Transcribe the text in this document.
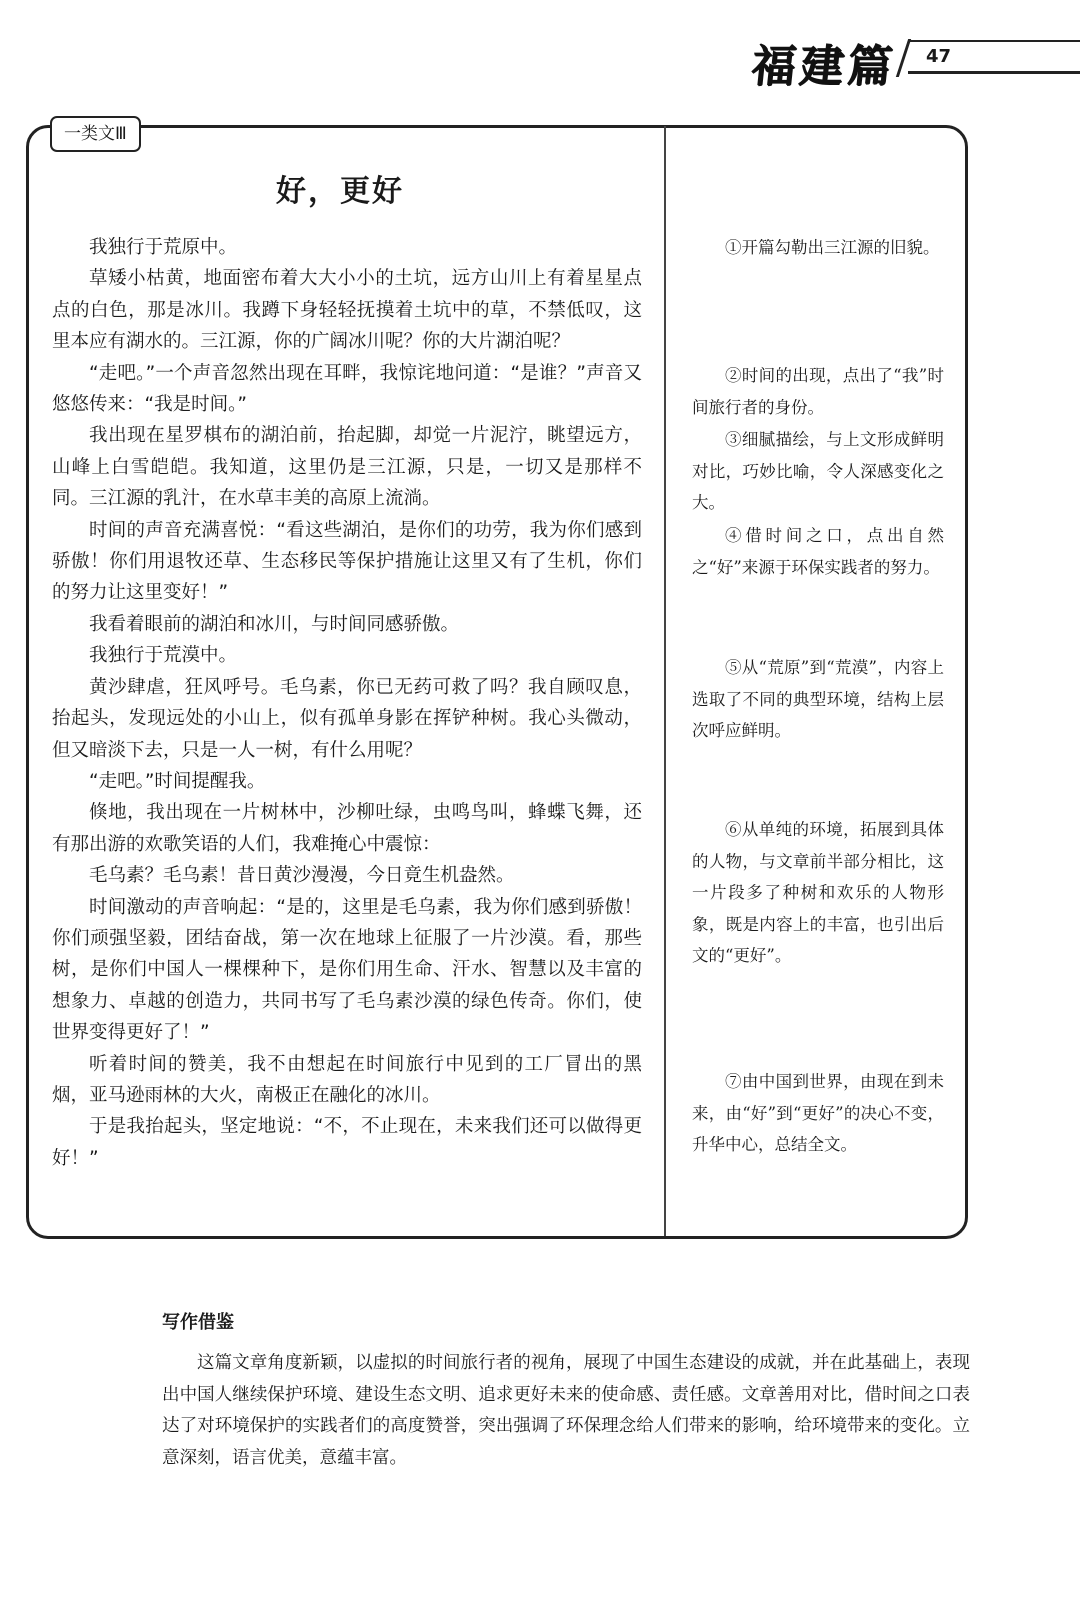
福建篇 47
一类文Ⅲ
好，更好

我独行于荒原中。

草矮小枯黄，地面密布着大大小小的土坑，远方山川上有着星星点点的白色，那是冰川。我蹲下身轻轻抚摸着土坑中的草，不禁低叹，这里本应有湖水的。三江源，你的广阔冰川呢？你的大片湖泊呢？

“走吧。”一个声音忽然出现在耳畔，我惊诧地问道：“是谁？”声音又悠悠传来：“我是时间。”

我出现在星罗棋布的湖泊前，抬起脚，却觉一片泥泞，眺望远方，山峰上白雪皑皑。我知道，这里仍是三江源，只是，一切又是那样不同。三江源的乳汁，在水草丰美的高原上流淌。

时间的声音充满喜悦：“看这些湖泊，是你们的功劳，我为你们感到骄傲！你们用退牧还草、生态移民等保护措施让这里又有了生机，你们的努力让这里变好！”

我看着眼前的湖泊和冰川，与时间同感骄傲。

我独行于荒漠中。

黄沙肆虐，狂风呼号。毛乌素，你已无药可救了吗？我自顾叹息，抬起头，发现远处的小山上，似有孤单身影在挥铲种树。我心头微动，但又暗淡下去，只是一人一树，有什么用呢？

“走吧。”时间提醒我。

倏地，我出现在一片树林中，沙柳吐绿，虫鸣鸟叫，蜂蝶飞舞，还有那出游的欢歌笑语的人们，我难掩心中震惊：

毛乌素？毛乌素！昔日黄沙漫漫，今日竟生机盎然。

时间激动的声音响起：“是的，这里是毛乌素，我为你们感到骄傲！你们顽强坚毅，团结奋战，第一次在地球上征服了一片沙漠。看，那些树，是你们中国人一棵棵种下，是你们用生命、汗水、智慧以及丰富的想象力、卓越的创造力，共同书写了毛乌素沙漠的绿色传奇。你们，使世界变得更好了！”

听着时间的赞美，我不由想起在时间旅行中见到的工厂冒出的黑烟，亚马逊雨林的大火，南极正在融化的冰川。

于是我抬起头，坚定地说：“不，不止现在，未来我们还可以做得更好！”

①开篇勾勒出三江源的旧貌。

②时间的出现，点出了“我”时间旅行者的身份。

③细腻描绘，与上文形成鲜明对比，巧妙比喻，令人深感变化之大。

④借时间之口，点出自然之“好”来源于环保实践者的努力。

⑤从“荒原”到“荒漠”，内容上选取了不同的典型环境，结构上层次呼应鲜明。

⑥从单纯的环境，拓展到具体的人物，与文章前半部分相比，这一片段多了种树和欢乐的人物形象，既是内容上的丰富，也引出后文的“更好”。

⑦由中国到世界，由现在到未来，由“好”到“更好”的决心不变，升华中心，总结全文。

写作借鉴

这篇文章角度新颖，以虚拟的时间旅行者的视角，展现了中国生态建设的成就，并在此基础上，表现出中国人继续保护环境、建设生态文明、追求更好未来的使命感、责任感。文章善用对比，借时间之口表达了对环境保护的实践者们的高度赞誉，突出强调了环保理念给人们带来的影响，给环境带来的变化。立意深刻，语言优美，意蕴丰富。
